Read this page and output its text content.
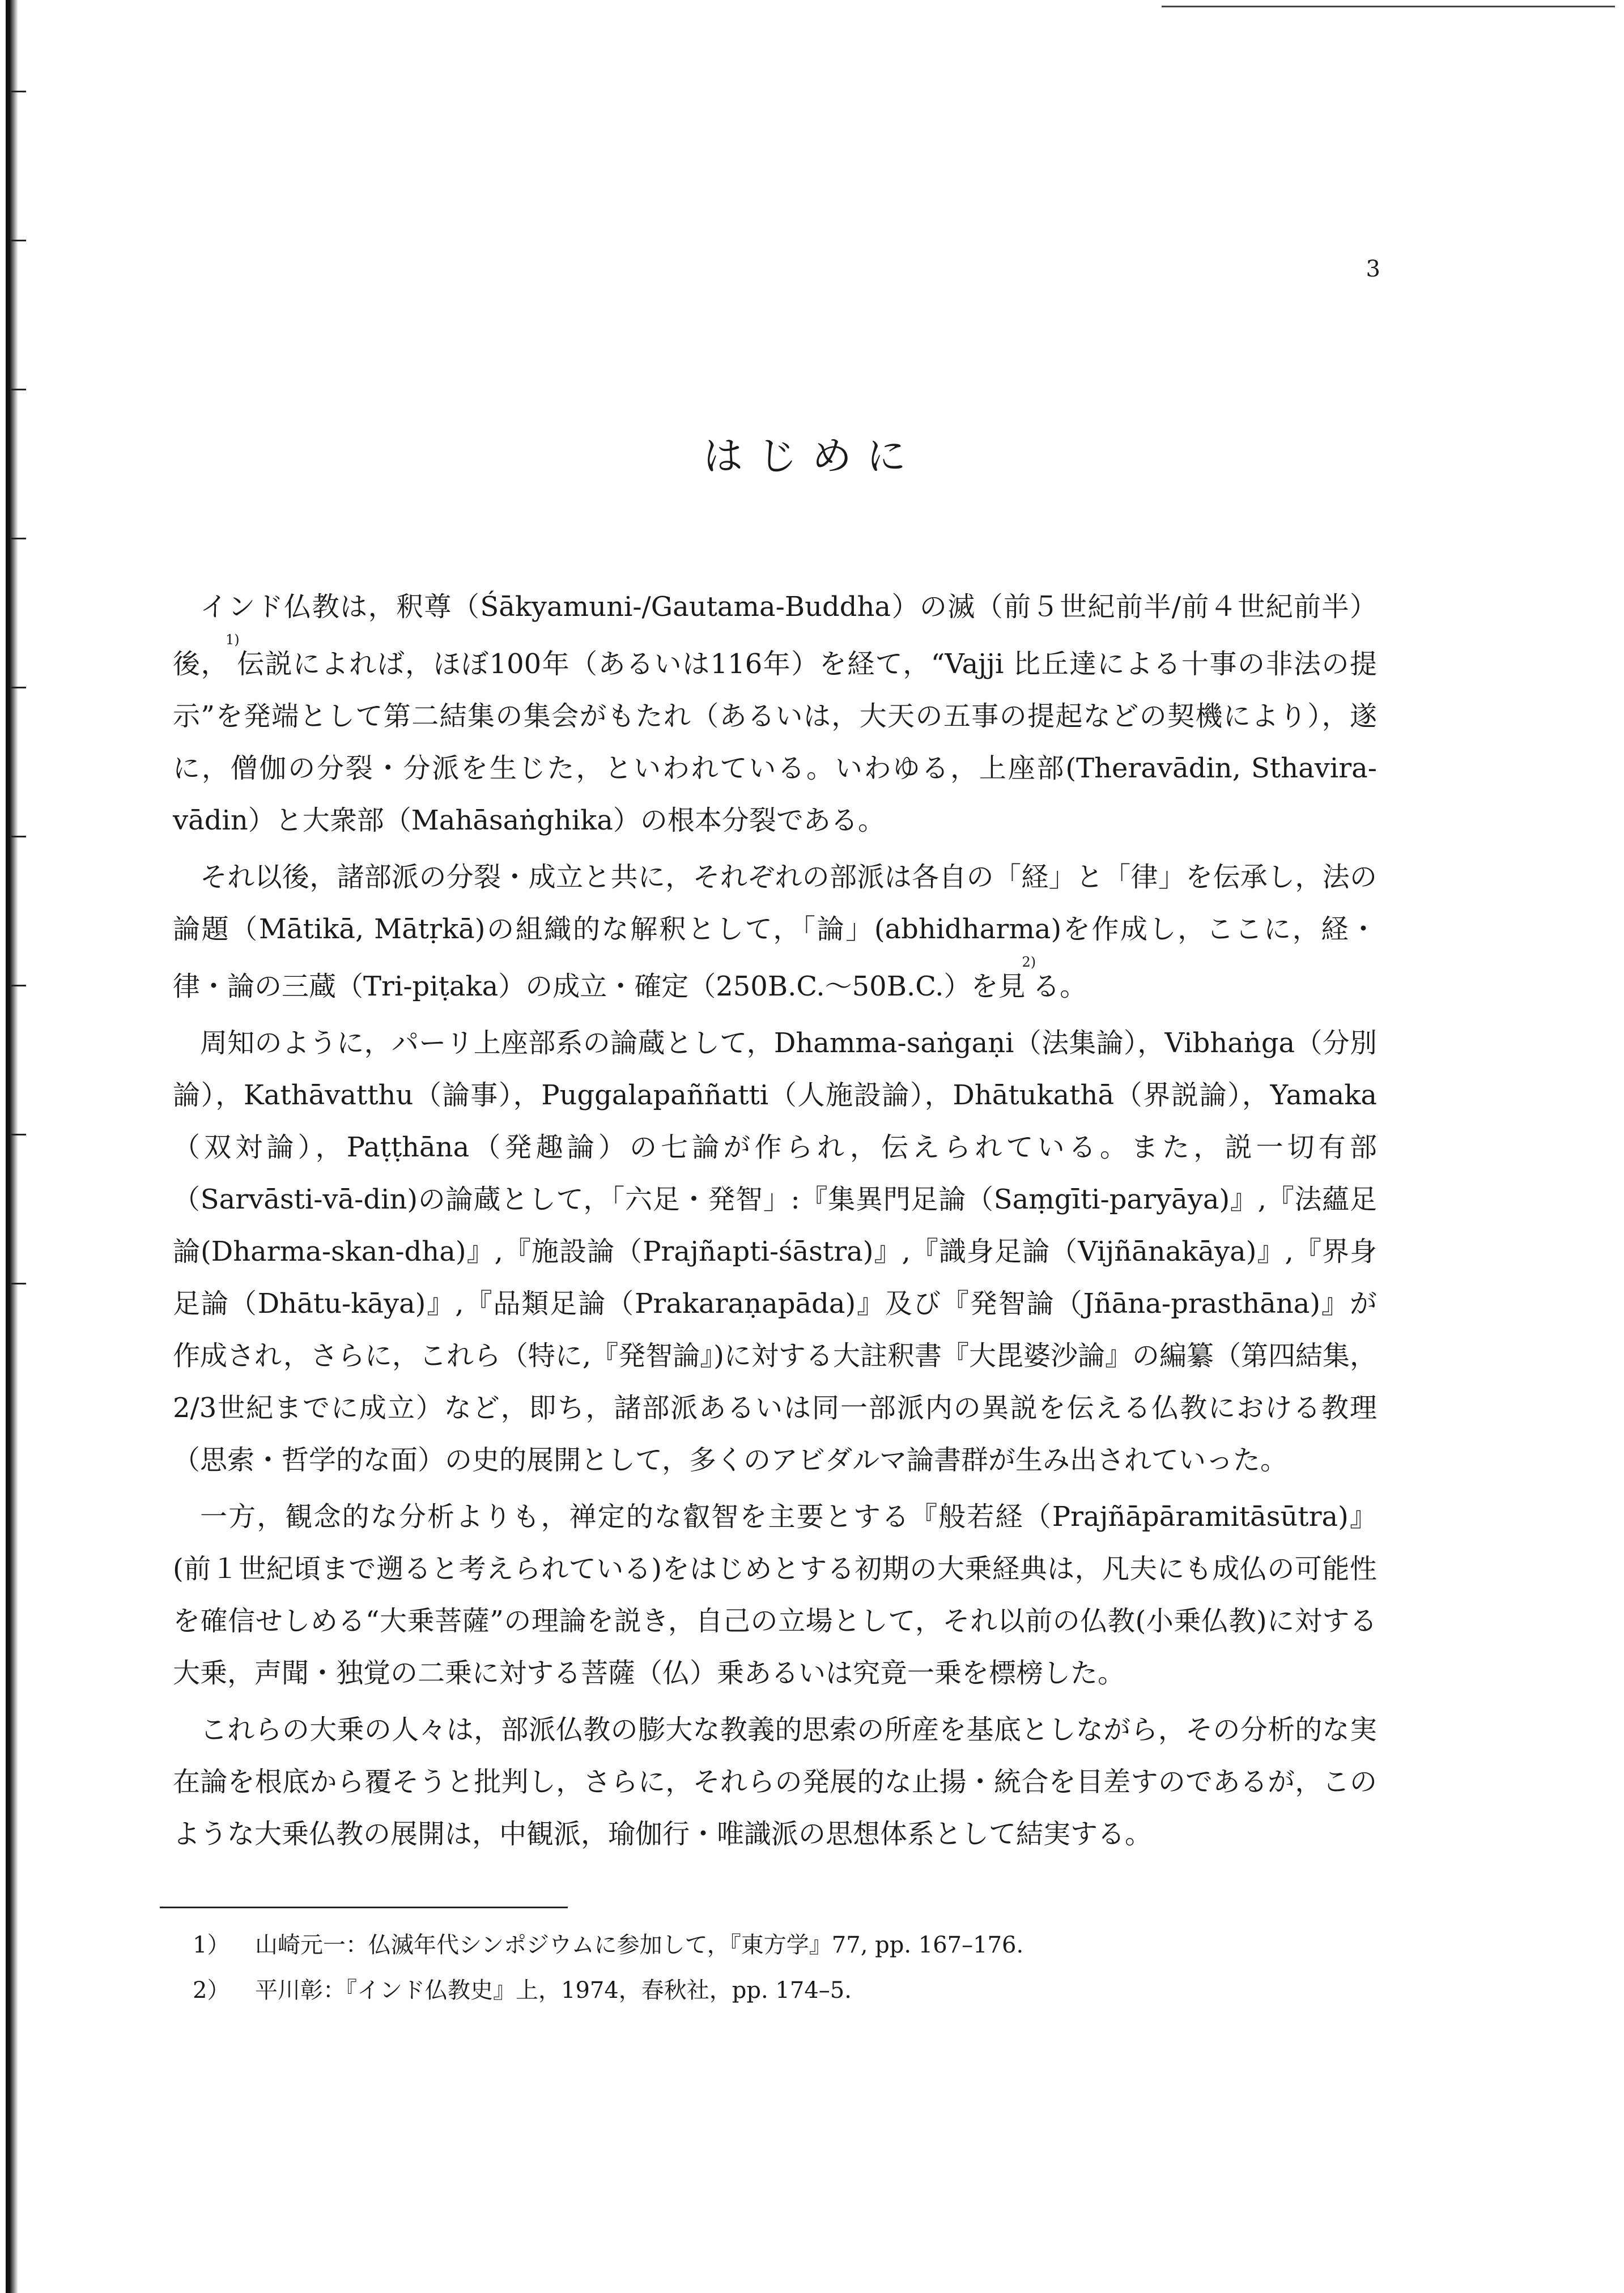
3
はじめに

インド仏教は，釈尊（Śākyamuni-/Gautama-Buddha）の滅（前５世紀前半/前４世紀前半）後，$^{1)}$伝説によれば，ほぼ100年（あるいは116年）を経て，“Vajji 比丘達による十事の非法の提示”を発端として第二結集の集会がもたれ（あるいは，大天の五事の提起などの契機により），遂に，僧伽の分裂・分派を生じた，といわれている。いわゆる，上座部(Theravādin, Sthavira-vādin）と大衆部（Mahāsaṅghika）の根本分裂である。

それ以後，諸部派の分裂・成立と共に，それぞれの部派は各自の「経」と「律」を伝承し，法の論題（Mātikā, Mātṛkā)の組織的な解釈として，「論」(abhidharma)を作成し，ここに，経・律・論の三蔵（Tri-piṭaka）の成立・確定（250B.C.〜50B.C.）を見$^{2)}$る。

周知のように，パーリ上座部系の論蔵として，Dhamma-saṅgaṇi（法集論），Vibhaṅga（分別論），Kathāvatthu（論事），Puggalapaññatti（人施設論），Dhātukathā（界説論），Yamaka（双対論），Paṭṭhāna（発趣論）の七論が作られ，伝えられている。また，説一切有部（Sarvāsti-vā-din)の論蔵として，「六足・発智」:『集異門足論（Saṃgīti-paryāya)』,『法蘊足論(Dharma-skan-dha)』,『施設論（Prajñapti-śāstra)』,『識身足論（Vijñānakāya)』,『界身足論（Dhātu-kāya)』,『品類足論（Prakaraṇapāda)』及び『発智論（Jñāna-prasthāna)』が作成され，さらに，これら（特に,『発智論』)に対する大註釈書『大毘婆沙論』の編纂（第四結集，2/3世紀までに成立）など，即ち，諸部派あるいは同一部派内の異説を伝える仏教における教理（思索・哲学的な面）の史的展開として，多くのアビダルマ論書群が生み出されていった。

一方，観念的な分析よりも，禅定的な叡智を主要とする『般若経（Prajñāpāramitāsūtra)』(前１世紀頃まで遡ると考えられている)をはじめとする初期の大乗経典は，凡夫にも成仏の可能性を確信せしめる“大乗菩薩”の理論を説き，自己の立場として，それ以前の仏教(小乗仏教)に対する大乗，声聞・独覚の二乗に対する菩薩（仏）乗あるいは究竟一乗を標榜した。

これらの大乗の人々は，部派仏教の膨大な教義的思索の所産を基底としながら，その分析的な実在論を根底から覆そうと批判し，さらに，それらの発展的な止揚・統合を目差すのであるが，このような大乗仏教の展開は，中観派，瑜伽行・唯識派の思想体系として結実する。

1）	山崎元一：仏滅年代シンポジウムに参加して，『東方学』77, pp. 167–176.
2）	平川彰：『インド仏教史』上，1974，春秋社，pp. 174–5.
